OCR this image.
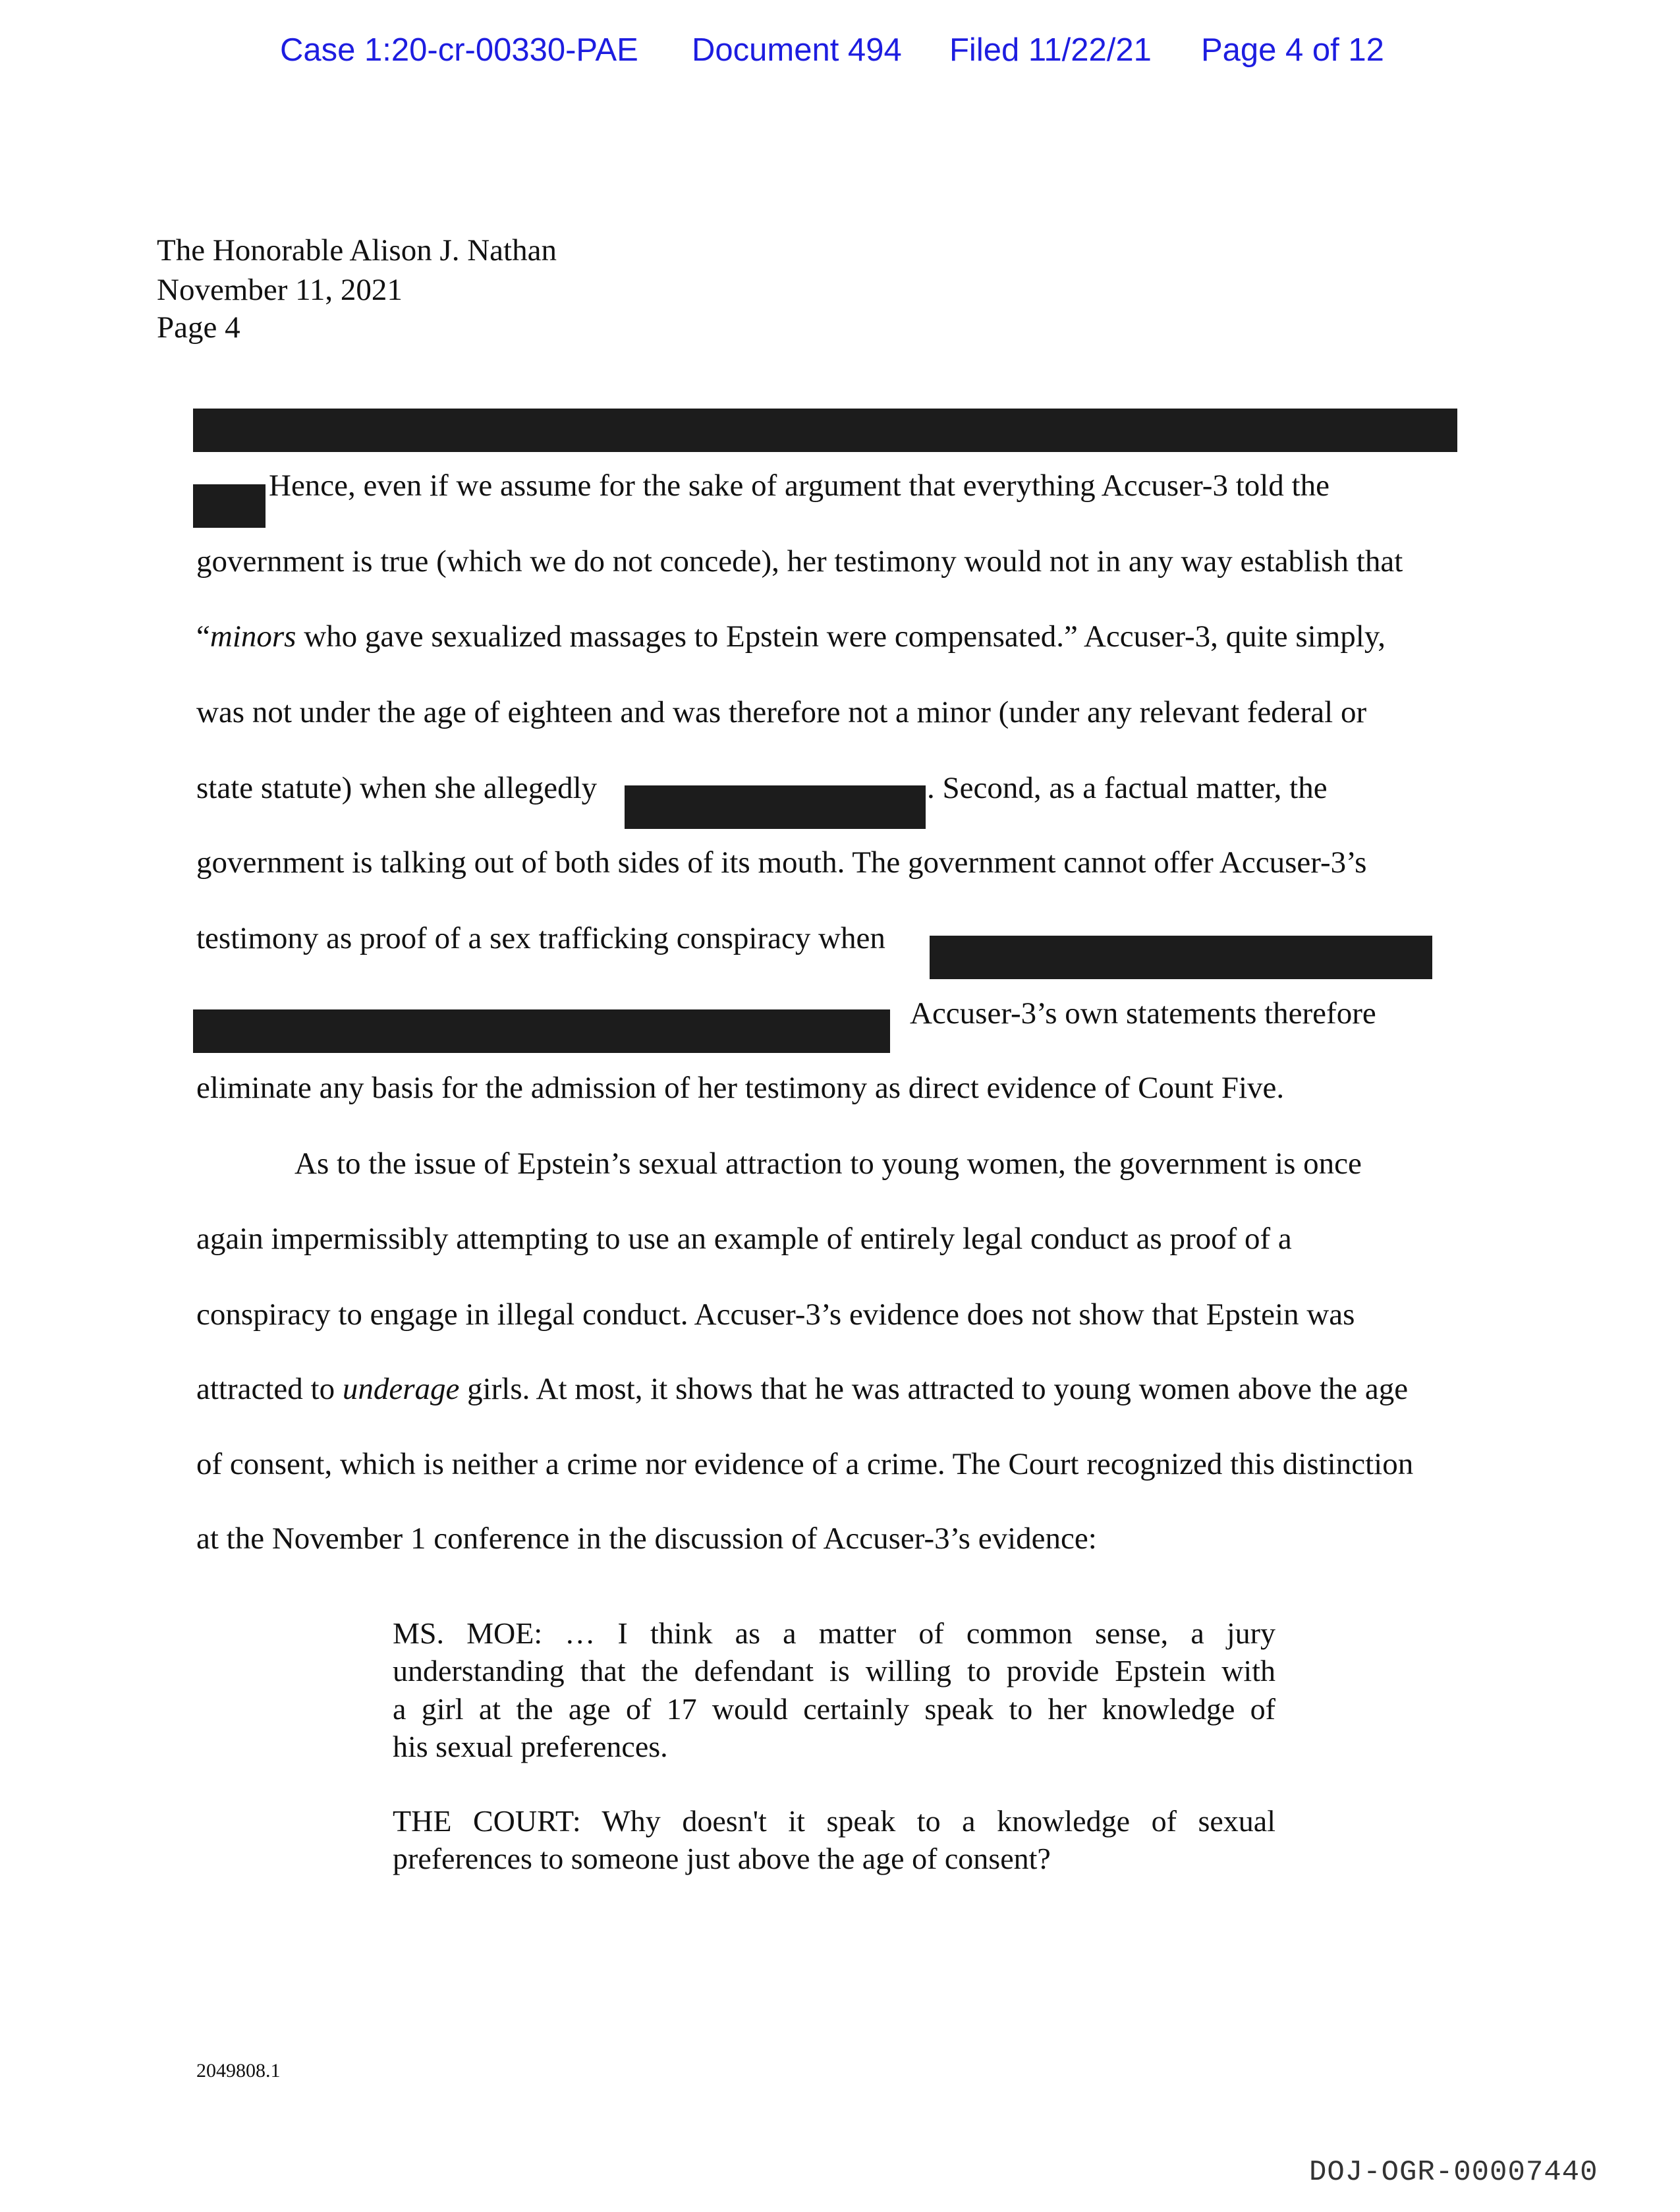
Case 1:20-cr-00330-PAE Document 494 Filed 11/22/21 Page 4 of 12
The Honorable Alison J. Nathan
November 11, 2021
Page 4
Hence, even if we assume for the sake of argument that everything Accuser-3 told the
government is true (which we do not concede), her testimony would not in any way establish that
“minors who gave sexualized massages to Epstein were compensated.” Accuser-3, quite simply,
was not under the age of eighteen and was therefore not a minor (under any relevant federal or
state statute) when she allegedly	. Second, as a factual matter, the
government is talking out of both sides of its mouth. The government cannot offer Accuser-3’s
testimony as proof of a sex trafficking conspiracy when
Accuser-3’s own statements therefore
eliminate any basis for the admission of her testimony as direct evidence of Count Five.
As to the issue of Epstein’s sexual attraction to young women, the government is once
again impermissibly attempting to use an example of entirely legal conduct as proof of a
conspiracy to engage in illegal conduct. Accuser-3’s evidence does not show that Epstein was
attracted to underage girls. At most, it shows that he was attracted to young women above the age
of consent, which is neither a crime nor evidence of a crime. The Court recognized this distinction
at the November 1 conference in the discussion of Accuser-3’s evidence:
MS. MOE: … I think as a matter of common sense, a jury
understanding that the defendant is willing to provide Epstein with
a girl at the age of 17 would certainly speak to her knowledge of
his sexual preferences.
THE COURT: Why doesn't it speak to a knowledge of sexual
preferences to someone just above the age of consent?
2049808.1
DOJ-OGR-00007440
